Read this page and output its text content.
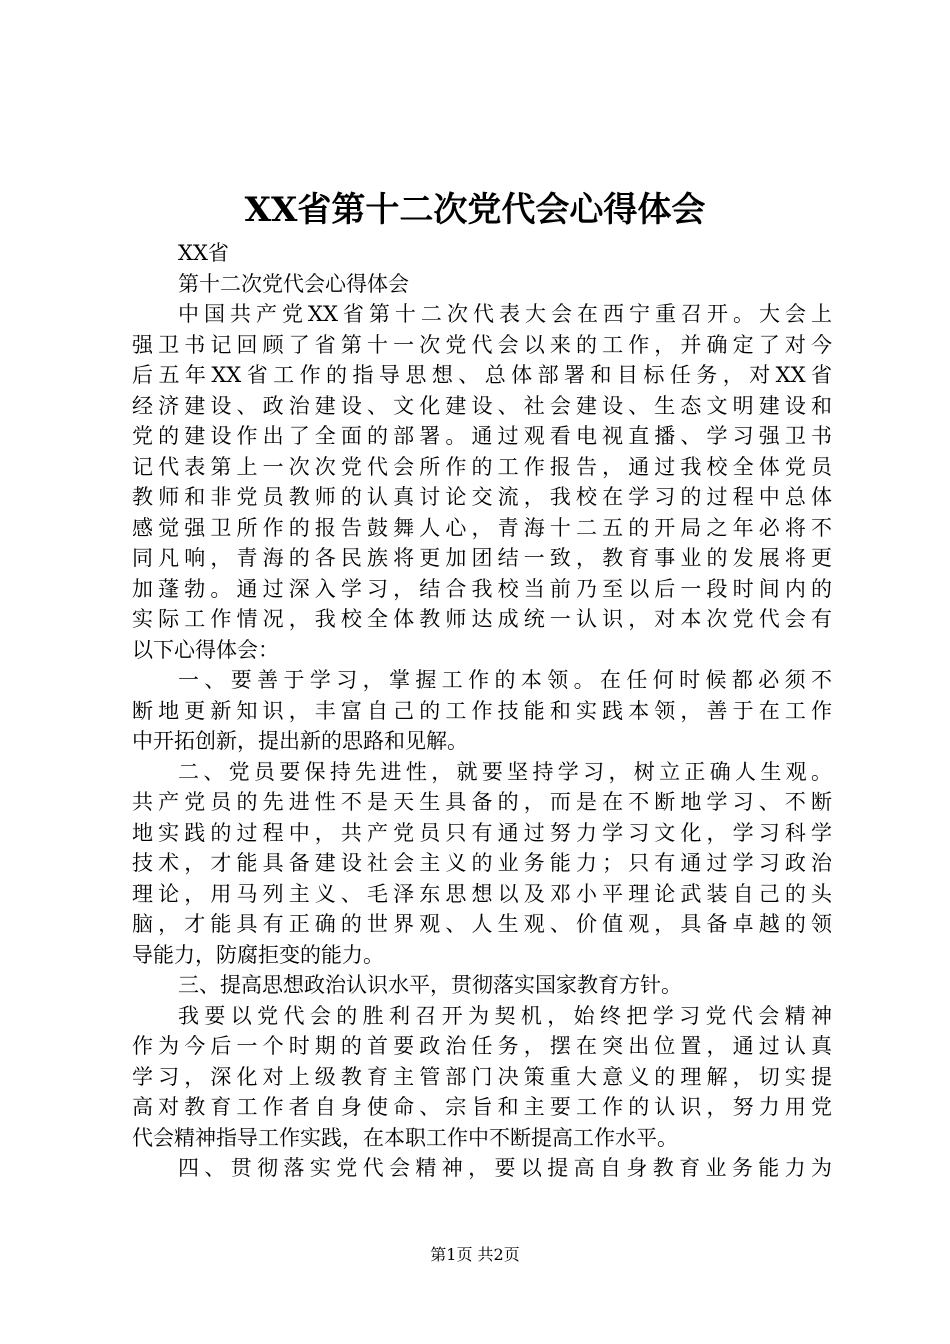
XX省第十二次党代会心得体会
XX省
第十二次党代会心得体会
中国共产党XX省第十二次代表大会在西宁重召开。大会上
强卫书记回顾了省第十一次党代会以来的工作，并确定了对今
后五年XX省工作的指导思想、总体部署和目标任务，对XX省
经济建设、政治建设、文化建设、社会建设、生态文明建设和
党的建设作出了全面的部署。通过观看电视直播、学习强卫书
记代表第上一次次党代会所作的工作报告，通过我校全体党员
教师和非党员教师的认真讨论交流，我校在学习的过程中总体
感觉强卫所作的报告鼓舞人心，青海十二五的开局之年必将不
同凡响，青海的各民族将更加团结一致，教育事业的发展将更
加蓬勃。通过深入学习，结合我校当前乃至以后一段时间内的
实际工作情况，我校全体教师达成统一认识，对本次党代会有
以下心得体会：
一、要善于学习，掌握工作的本领。在任何时候都必须不
断地更新知识，丰富自己的工作技能和实践本领，善于在工作
中开拓创新，提出新的思路和见解。
二、党员要保持先进性，就要坚持学习，树立正确人生观。
共产党员的先进性不是天生具备的，而是在不断地学习、不断
地实践的过程中，共产党员只有通过努力学习文化，学习科学
技术，才能具备建设社会主义的业务能力；只有通过学习政治
理论，用马列主义、毛泽东思想以及邓小平理论武装自己的头
脑，才能具有正确的世界观、人生观、价值观，具备卓越的领
导能力，防腐拒变的能力。
三、提高思想政治认识水平，贯彻落实国家教育方针。
我要以党代会的胜利召开为契机，始终把学习党代会精神
作为今后一个时期的首要政治任务，摆在突出位置，通过认真
学习，深化对上级教育主管部门决策重大意义的理解，切实提
高对教育工作者自身使命、宗旨和主要工作的认识，努力用党
代会精神指导工作实践，在本职工作中不断提高工作水平。
四、贯彻落实党代会精神，要以提高自身教育业务能力为
第1页 共2页
